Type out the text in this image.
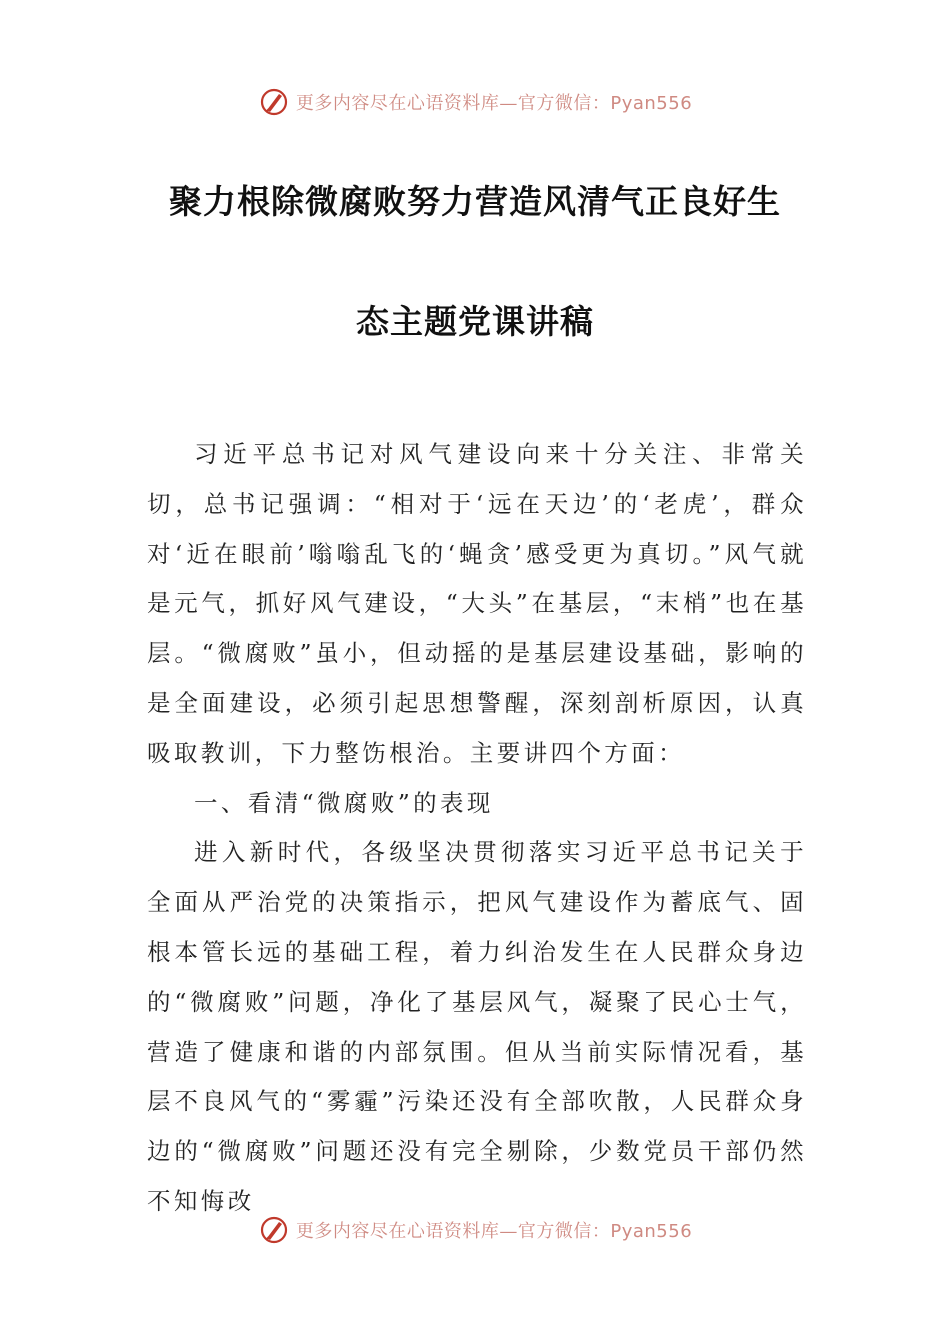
更多内容尽在心语资料库—官方微信：Pyan556
聚力根除微腐败努力营造风清气正良好生
态主题党课讲稿

习近平总书记对风气建设向来十分关注、非常关切，总书记强调：“相对于‘远在天边’的‘老虎’，群众对‘近在眼前’嗡嗡乱飞的‘蝇贪’感受更为真切。”风气就是元气，抓好风气建设，“大头”在基层，“末梢”也在基层。“微腐败”虽小，但动摇的是基层建设基础，影响的是全面建设，必须引起思想警醒，深刻剖析原因，认真吸取教训，下力整饬根治。主要讲四个方面：

一、看清“微腐败”的表现

进入新时代，各级坚决贯彻落实习近平总书记关于全面从严治党的决策指示，把风气建设作为蓄底气、固根本管长远的基础工程，着力纠治发生在人民群众身边的“微腐败”问题，净化了基层风气，凝聚了民心士气，营造了健康和谐的内部氛围。但从当前实际情况看，基层不良风气的“雾霾”污染还没有全部吹散，人民群众身边的“微腐败”问题还没有完全剔除，少数党员干部仍然不知悔改

更多内容尽在心语资料库—官方微信：Pyan556
